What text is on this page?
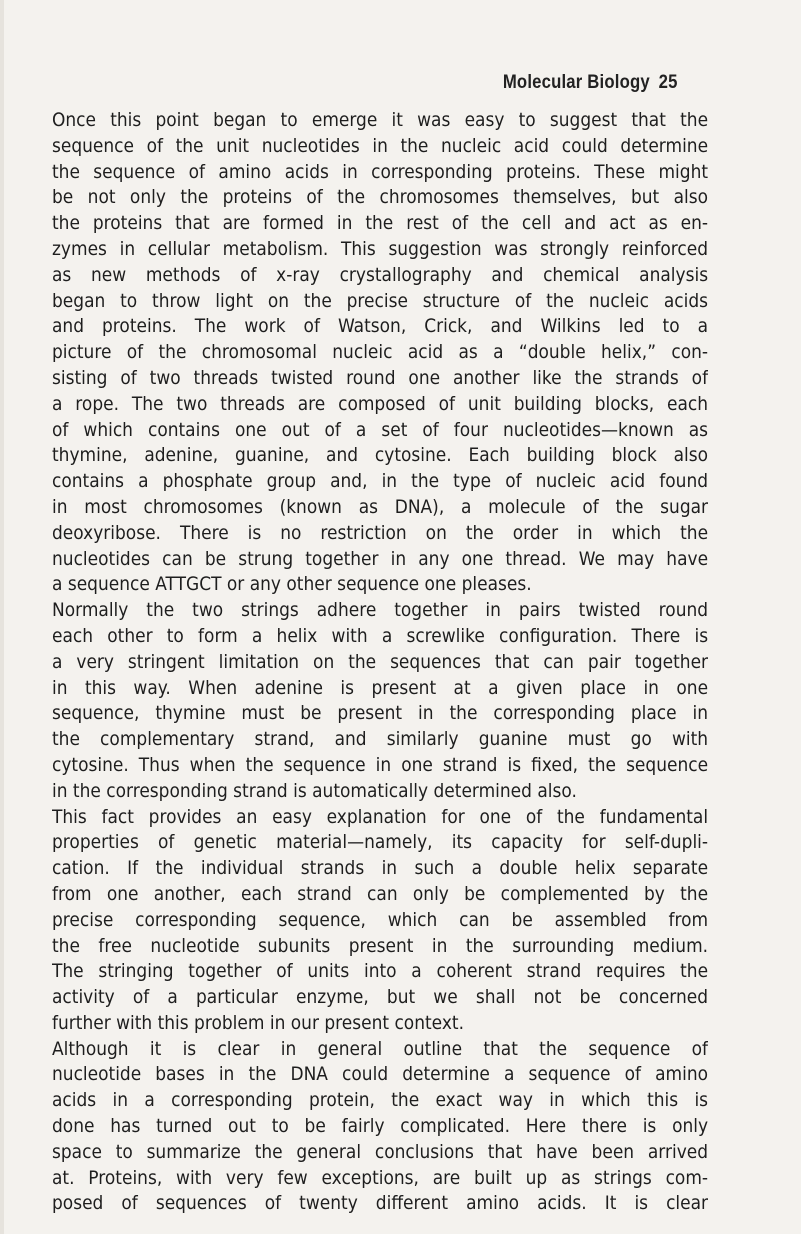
Molecular Biology 25
Once this point began to emerge it was easy to suggest that the
sequence of the unit nucleotides in the nucleic acid could determine
the sequence of amino acids in corresponding proteins. These might
be not only the proteins of the chromosomes themselves, but also
the proteins that are formed in the rest of the cell and act as en-
zymes in cellular metabolism. This suggestion was strongly reinforced
as new methods of x-ray crystallography and chemical analysis
began to throw light on the precise structure of the nucleic acids
and proteins. The work of Watson, Crick, and Wilkins led to a
picture of the chromosomal nucleic acid as a “double helix,” con-
sisting of two threads twisted round one another like the strands of
a rope. The two threads are composed of unit building blocks, each
of which contains one out of a set of four nucleotides—known as
thymine, adenine, guanine, and cytosine. Each building block also
contains a phosphate group and, in the type of nucleic acid found
in most chromosomes (known as DNA), a molecule of the sugar
deoxyribose. There is no restriction on the order in which the
nucleotides can be strung together in any one thread. We may have
a sequence ATTGCT or any other sequence one pleases.
Normally the two strings adhere together in pairs twisted round
each other to form a helix with a screwlike configuration. There is
a very stringent limitation on the sequences that can pair together
in this way. When adenine is present at a given place in one
sequence, thymine must be present in the corresponding place in
the complementary strand, and similarly guanine must go with
cytosine. Thus when the sequence in one strand is fixed, the sequence
in the corresponding strand is automatically determined also.
This fact provides an easy explanation for one of the fundamental
properties of genetic material—namely, its capacity for self-dupli-
cation. If the individual strands in such a double helix separate
from one another, each strand can only be complemented by the
precise corresponding sequence, which can be assembled from
the free nucleotide subunits present in the surrounding medium.
The stringing together of units into a coherent strand requires the
activity of a particular enzyme, but we shall not be concerned
further with this problem in our present context.
Although it is clear in general outline that the sequence of
nucleotide bases in the DNA could determine a sequence of amino
acids in a corresponding protein, the exact way in which this is
done has turned out to be fairly complicated. Here there is only
space to summarize the general conclusions that have been arrived
at. Proteins, with very few exceptions, are built up as strings com-
posed of sequences of twenty different amino acids. It is clear
